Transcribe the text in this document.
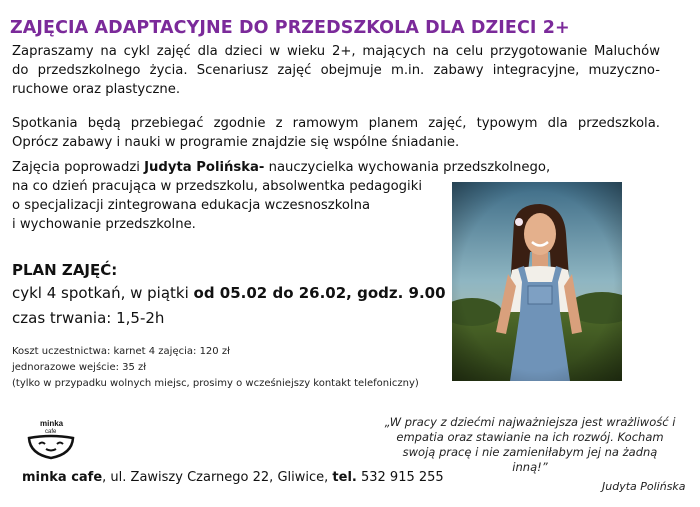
ZAJĘCIA ADAPTACYJNE DO PRZEDSZKOLA DLA DZIECI 2+
Zapraszamy na cykl zajęć dla dzieci w wieku 2+, mających na celu przygotowanie Maluchów
do przedszkolnego życia. Scenariusz zajęć obejmuje m.in. zabawy integracyjne, muzyczno-
ruchowe oraz plastyczne.
Spotkania będą przebiegać zgodnie z ramowym planem zajęć, typowym dla przedszkola.
Oprócz zabawy i nauki w programie znajdzie się wspólne śniadanie.
Zajęcia poprowadzi Judyta Polińska- nauczycielka wychowania przedszkolnego,
na co dzień pracująca w przedszkolu, absolwentka pedagogiki
o specjalizacji zintegrowana edukacja wczesnoszkolna
i wychowanie przedszkolne.
PLAN ZAJĘĆ:
cykl 4 spotkań, w piątki od 05.02 do 26.02, godz. 9.00
czas trwania: 1,5-2h
Koszt uczestnictwa: karnet 4 zajęcia: 120 zł
jednorazowe wejście: 35 zł
(tylko w przypadku wolnych miejsc, prosimy o wcześniejszy kontakt telefoniczny)
minka
cafe
minka cafe, ul. Zawiszy Czarnego 22, Gliwice, tel. 532 915 255
„W pracy z dziećmi najważniejsza jest wrażliwość i empatia oraz stawianie na ich rozwój. Kocham swoją pracę i nie zamieniłabym jej na żadną inną!”
Judyta Polińska
